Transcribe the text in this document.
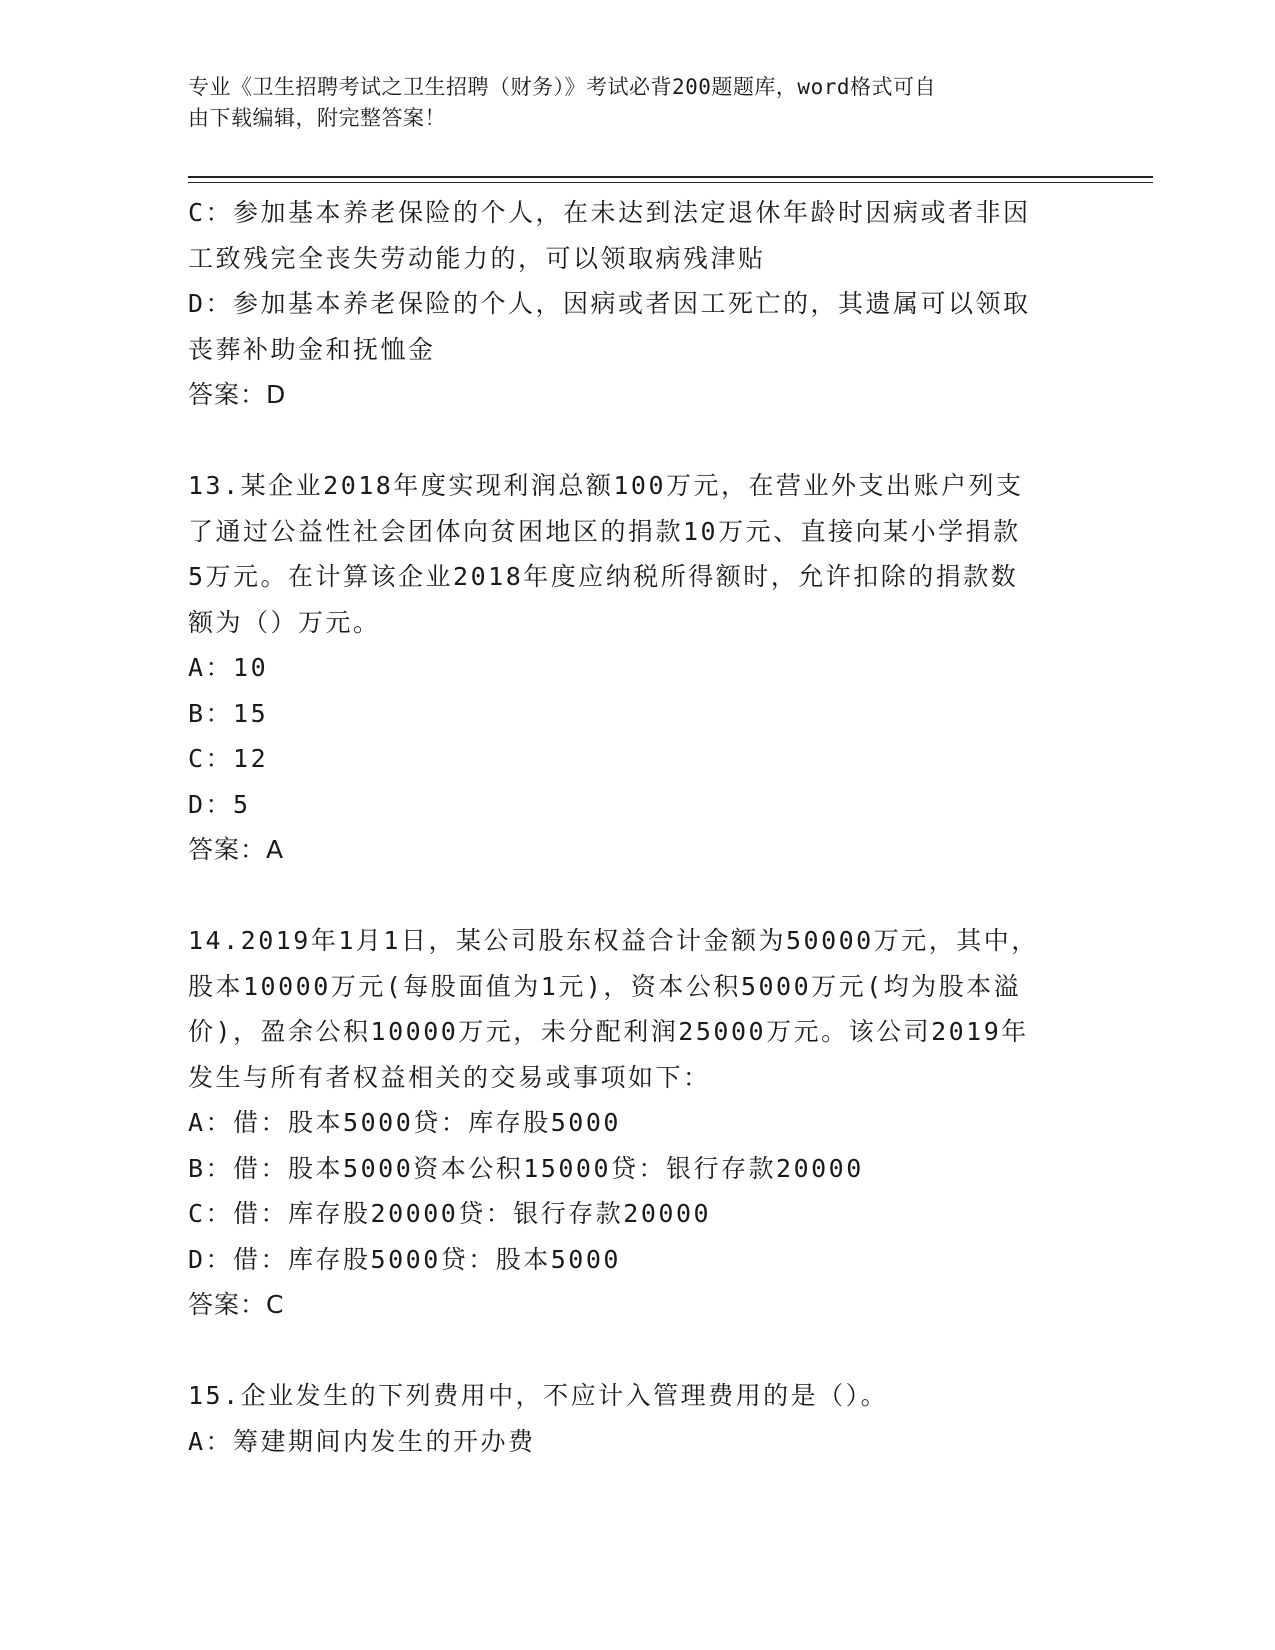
专业《卫生招聘考试之卫生招聘（财务）》考试必背200题题库，word格式可自
由下载编辑，附完整答案！
C：参加基本养老保险的个人，在未达到法定退休年龄时因病或者非因
工致残完全丧失劳动能力的，可以领取病残津贴
D：参加基本养老保险的个人，因病或者因工死亡的，其遗属可以领取
丧葬补助金和抚恤金
答案：D
13.某企业2018年度实现利润总额100万元，在营业外支出账户列支
了通过公益性社会团体向贫困地区的捐款10万元、直接向某小学捐款
5万元。在计算该企业2018年度应纳税所得额时，允许扣除的捐款数
额为（）万元。
A：10
B：15
C：12
D：5
答案：A
14.2019年1月1日，某公司股东权益合计金额为50000万元，其中，
股本10000万元(每股面值为1元)，资本公积5000万元(均为股本溢
价)，盈余公积10000万元，未分配利润25000万元。该公司2019年
发生与所有者权益相关的交易或事项如下：
A：借：股本5000贷：库存股5000
B：借：股本5000资本公积15000贷：银行存款20000
C：借：库存股20000贷：银行存款20000
D：借：库存股5000贷：股本5000
答案：C
15.企业发生的下列费用中，不应计入管理费用的是（）。
A：筹建期间内发生的开办费
